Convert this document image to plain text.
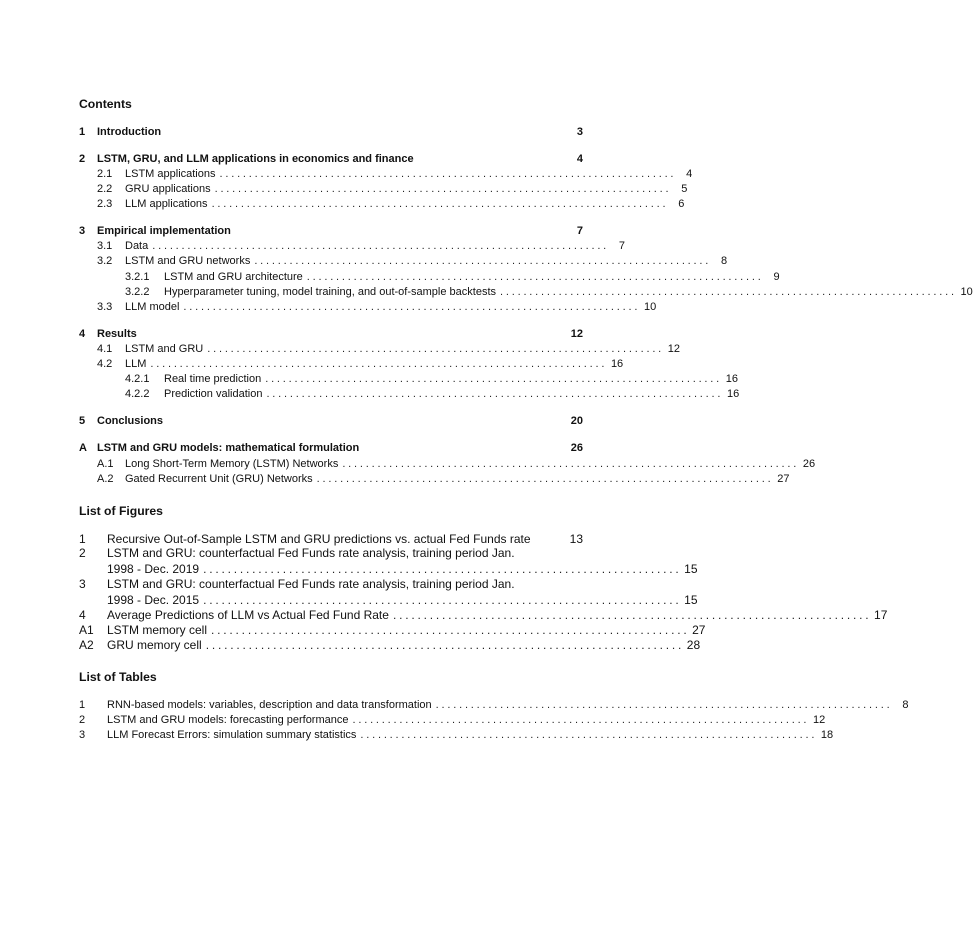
Contents
1	Introduction	3
2	LSTM, GRU, and LLM applications in economics and finance	4
2.1	LSTM applications .............................................................................. 4
2.2	GRU applications .............................................................................. 5
2.3	LLM applications .............................................................................. 6
3	Empirical implementation	7
3.1	Data .............................................................................. 7
3.2	LSTM and GRU networks .............................................................................. 8
3.2.1	LSTM and GRU architecture .............................................................................. 9
3.2.2	Hyperparameter tuning, model training, and out-of-sample backtests .............................................................................. 10
3.3	LLM model .............................................................................. 10
4	Results	12
4.1	LSTM and GRU .............................................................................. 12
4.2	LLM .............................................................................. 16
4.2.1	Real time prediction .............................................................................. 16
4.2.2	Prediction validation .............................................................................. 16
5	Conclusions	20
A LSTM and GRU models: mathematical formulation	26
A.1	Long Short-Term Memory (LSTM) Networks .............................................................................. 26
A.2	Gated Recurrent Unit (GRU) Networks .............................................................................. 27
List of Figures
1	Recursive Out-of-Sample LSTM and GRU predictions vs. actual Fed Funds rate	13
2 LSTM and GRU: counterfactual Fed Funds rate analysis, training period Jan.
1998 - Dec. 2019 .............................................................................. 15
3 LSTM and GRU: counterfactual Fed Funds rate analysis, training period Jan.
1998 - Dec. 2015 .............................................................................. 15
4	Average Predictions of LLM vs Actual Fed Fund Rate .............................................................................. 17
A1	LSTM memory cell .............................................................................. 27
A2	GRU memory cell .............................................................................. 28
List of Tables
1	RNN-based models: variables, description and data transformation .............................................................................. 8
2	LSTM and GRU models: forecasting performance .............................................................................. 12
3	LLM Forecast Errors: simulation summary statistics .............................................................................. 18
